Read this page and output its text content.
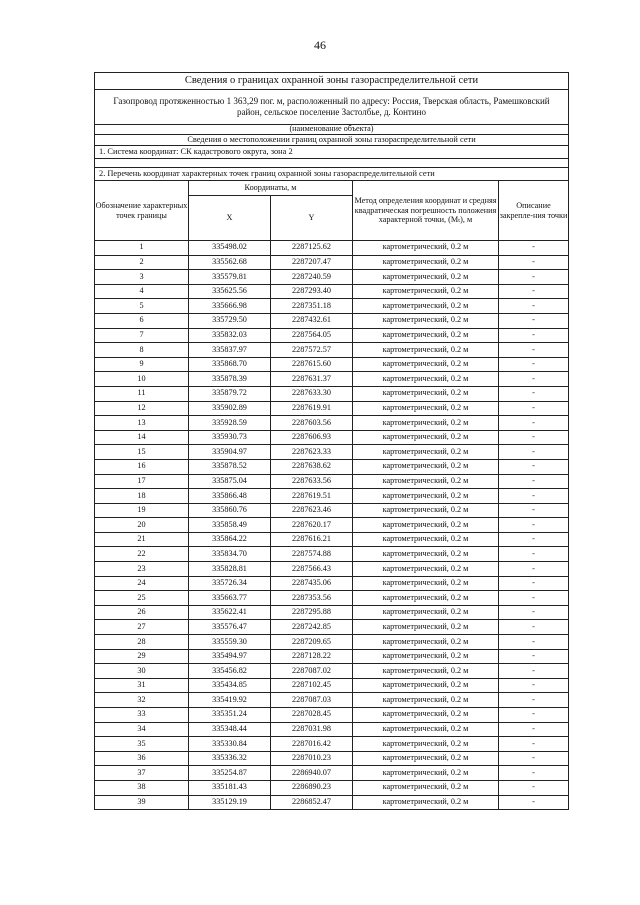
46
Сведения о границах охранной зоны газораспределительной сети				
Газопровод протяженностью 1 363,29 пог. м, расположенный по адресу: Россия, Тверская область, Рамешковский район, сельское поселение Застолбье, д. Контино				
(наименование объекта)				
Сведения о местоположении границ охранной зоны газораспределительной сети				
1. Система координат: СК кадастрового округа, зона 2				

2. Перечень координат характерных точек границ охранной зоны газораспределительной сети				
Обозначение характерных точек границы	Координаты, м		Метод определения координат и средняя квадратическая погрешность положения характерной точки, (Mₜ), м	Описание закрепле-ния точки
	X	Y		
1	335498.02	2287125.62	картометрический, 0.2 м	-
2	335562.68	2287207.47	картометрический, 0.2 м	-
3	335579.81	2287240.59	картометрический, 0.2 м	-
4	335625.56	2287293.40	картометрический, 0.2 м	-
5	335666.98	2287351.18	картометрический, 0.2 м	-
6	335729.50	2287432.61	картометрический, 0.2 м	-
7	335832.03	2287564.05	картометрический, 0.2 м	-
8	335837.97	2287572.57	картометрический, 0.2 м	-
9	335868.70	2287615.60	картометрический, 0.2 м	-
10	335878.39	2287631.37	картометрический, 0.2 м	-
11	335879.72	2287633.30	картометрический, 0.2 м	-
12	335902.89	2287619.91	картометрический, 0.2 м	-
13	335928.59	2287603.56	картометрический, 0.2 м	-
14	335930.73	2287606.93	картометрический, 0.2 м	-
15	335904.97	2287623.33	картометрический, 0.2 м	-
16	335878.52	2287638.62	картометрический, 0.2 м	-
17	335875.04	2287633.56	картометрический, 0.2 м	-
18	335866.48	2287619.51	картометрический, 0.2 м	-
19	335860.76	2287623.46	картометрический, 0.2 м	-
20	335858.49	2287620.17	картометрический, 0.2 м	-
21	335864.22	2287616.21	картометрический, 0.2 м	-
22	335834.70	2287574.88	картометрический, 0.2 м	-
23	335828.81	2287566.43	картометрический, 0.2 м	-
24	335726.34	2287435.06	картометрический, 0.2 м	-
25	335663.77	2287353.56	картометрический, 0.2 м	-
26	335622.41	2287295.88	картометрический, 0.2 м	-
27	335576.47	2287242.85	картометрический, 0.2 м	-
28	335559.30	2287209.65	картометрический, 0.2 м	-
29	335494.97	2287128.22	картометрический, 0.2 м	-
30	335456.82	2287087.02	картометрический, 0.2 м	-
31	335434.85	2287102.45	картометрический, 0.2 м	-
32	335419.92	2287087.03	картометрический, 0.2 м	-
33	335351.24	2287028.45	картометрический, 0.2 м	-
34	335348.44	2287031.98	картометрический, 0.2 м	-
35	335330.84	2287016.42	картометрический, 0.2 м	-
36	335336.32	2287010.23	картометрический, 0.2 м	-
37	335254.87	2286940.07	картометрический, 0.2 м	-
38	335181.43	2286890.23	картометрический, 0.2 м	-
39	335129.19	2286852.47	картометрический, 0.2 м	-
